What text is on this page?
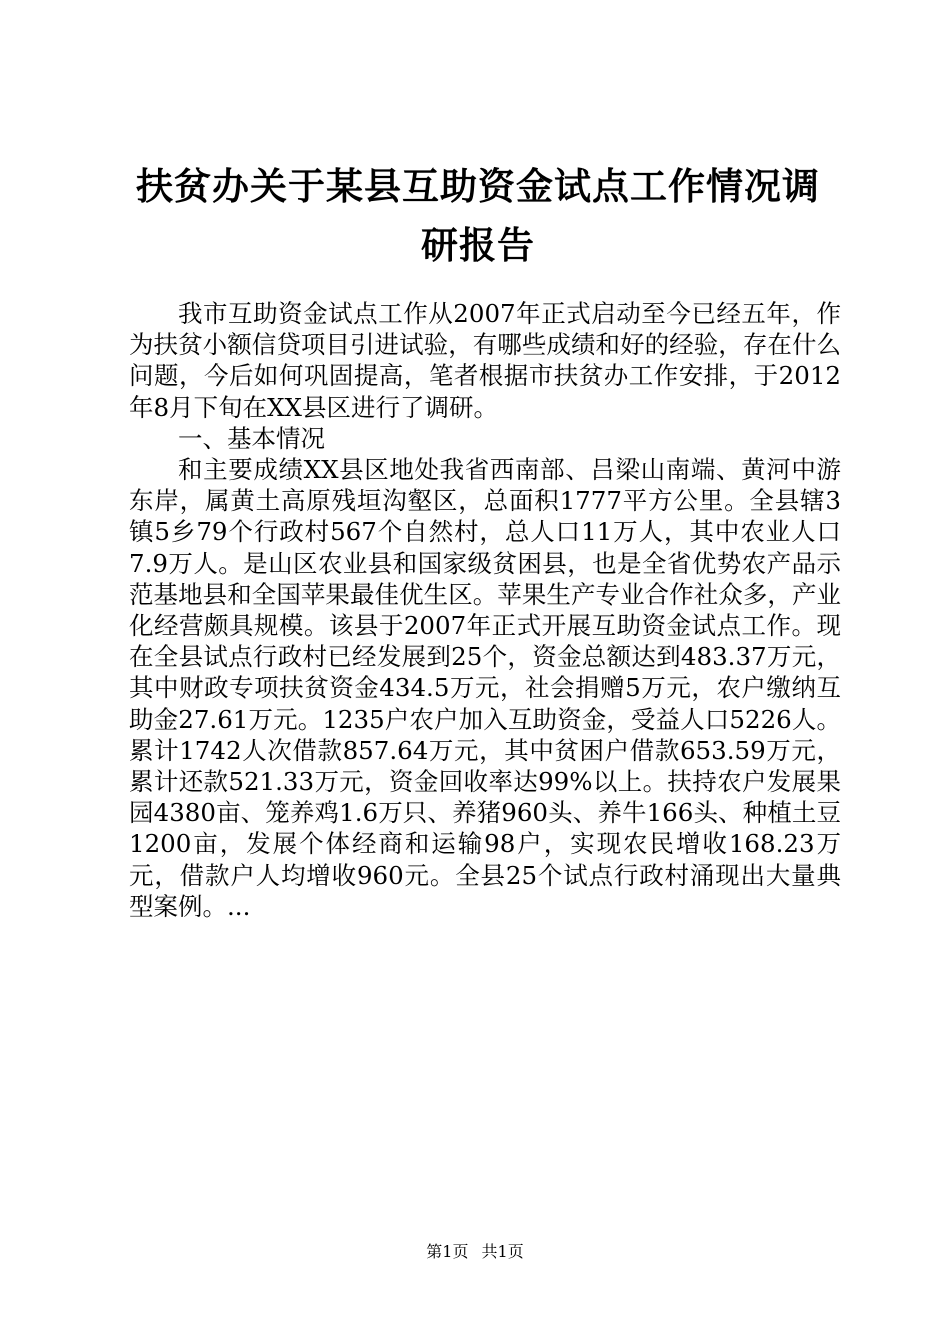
扶贫办关于某县互助资金试点工作情况调研报告

我市互助资金试点工作从2007年正式启动至今已经五年，作为扶贫小额信贷项目引进试验，有哪些成绩和好的经验，存在什么问题，今后如何巩固提高，笔者根据市扶贫办工作安排，于2012年8月下旬在XX县区进行了调研。

一、基本情况

和主要成绩XX县区地处我省西南部、吕梁山南端、黄河中游东岸，属黄土高原残垣沟壑区，总面积1777平方公里。全县辖3镇5乡79个行政村567个自然村，总人口11万人，其中农业人口7.9万人。是山区农业县和国家级贫困县，也是全省优势农产品示范基地县和全国苹果最佳优生区。苹果生产专业合作社众多，产业化经营颇具规模。该县于2007年正式开展互助资金试点工作。现在全县试点行政村已经发展到25个，资金总额达到483.37万元，其中财政专项扶贫资金434.5万元，社会捐赠5万元，农户缴纳互助金27.61万元。1235户农户加入互助资金，受益人口5226人。累计1742人次借款857.64万元，其中贫困户借款653.59万元，累计还款521.33万元，资金回收率达99%以上。扶持农户发展果园4380亩、笼养鸡1.6万只、养猪960头、养牛166头、种植土豆1200亩，发展个体经商和运输98户，实现农民增收168.23万元，借款户人均增收960元。全县25个试点行政村涌现出大量典型案例。...

第1页 共1页
